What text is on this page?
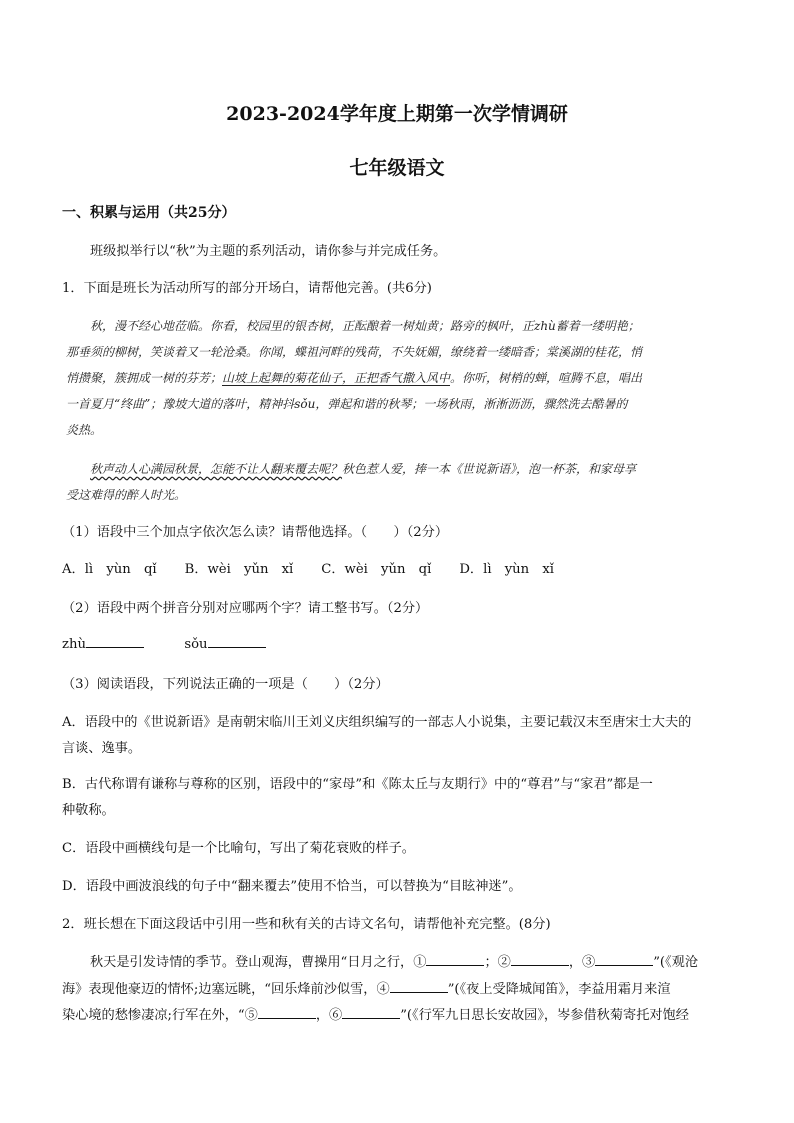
2023-2024学年度上期第一次学情调研
七年级语文
一、积累与运用（共25分）
班级拟举行以“秋”为主题的系列活动，请你参与并完成任务。
1．下面是班长为活动所写的部分开场白，请帮他完善。(共6分)
秋，漫不经心地莅临。你看，校园里的银杏树，正酝酿着一树灿黄；路旁的枫叶，正zhù蓄着一缕明艳；
那垂须的柳树，笑谈着又一轮沧桑。你闻，蝶祖河畔的残荷，不失妩媚，缭绕着一缕暗香；棠溪湖的桂花，悄
悄攒聚，簇拥成一树的芬芳；山坡上起舞的菊花仙子，正把香气撒入风中。你听，树梢的蝉，喧腾不息，唱出
一首夏月“终曲”；豫坡大道的落叶，精神抖sǒu，弹起和谐的秋琴；一场秋雨，淅淅沥沥，骤然洗去酷暑的
炎热。
秋声动人心满园秋景，怎能不让人翻来覆去呢？秋色惹人爱，捧一本《世说新语》，泡一杯茶，和家母享
受这难得的醉人时光。
（1）语段中三个加点字依次怎么读？请帮他选择。（　　）（2分）
A．lì　yùn　qǐ B．wèi　yǔn　xǐ C．wèi　yǔn　qǐ D．lì　yùn　xǐ
（2）语段中两个拼音分别对应哪两个字？请工整书写。（2分）
zhù	sǒu
（3）阅读语段，下列说法正确的一项是（　　）（2分）
A．语段中的《世说新语》是南朝宋临川王刘义庆组织编写的一部志人小说集，主要记载汉末至唐宋士大夫的
言谈、逸事。
B．古代称谓有谦称与尊称的区别，语段中的“家母”和《陈太丘与友期行》中的“尊君”与“家君”都是一
种敬称。
C．语段中画横线句是一个比喻句，写出了菊花衰败的样子。
D．语段中画波浪线的句子中“翻来覆去”使用不恰当，可以替换为“目眩神迷”。
2．班长想在下面这段话中引用一些和秋有关的古诗文名句，请帮他补充完整。(8分)
秋天是引发诗情的季节。登山观海，曹操用“日月之行，①	；②	，③	”(《观沧
海》表现他豪迈的情怀;边塞远眺，“回乐烽前沙似雪，④	”(《夜上受降城闻笛》，李益用霜月来渲
染心境的愁惨凄凉;行军在外，“⑤	，⑥	”(《行军九日思长安故园》，岑参借秋菊寄托对饱经
